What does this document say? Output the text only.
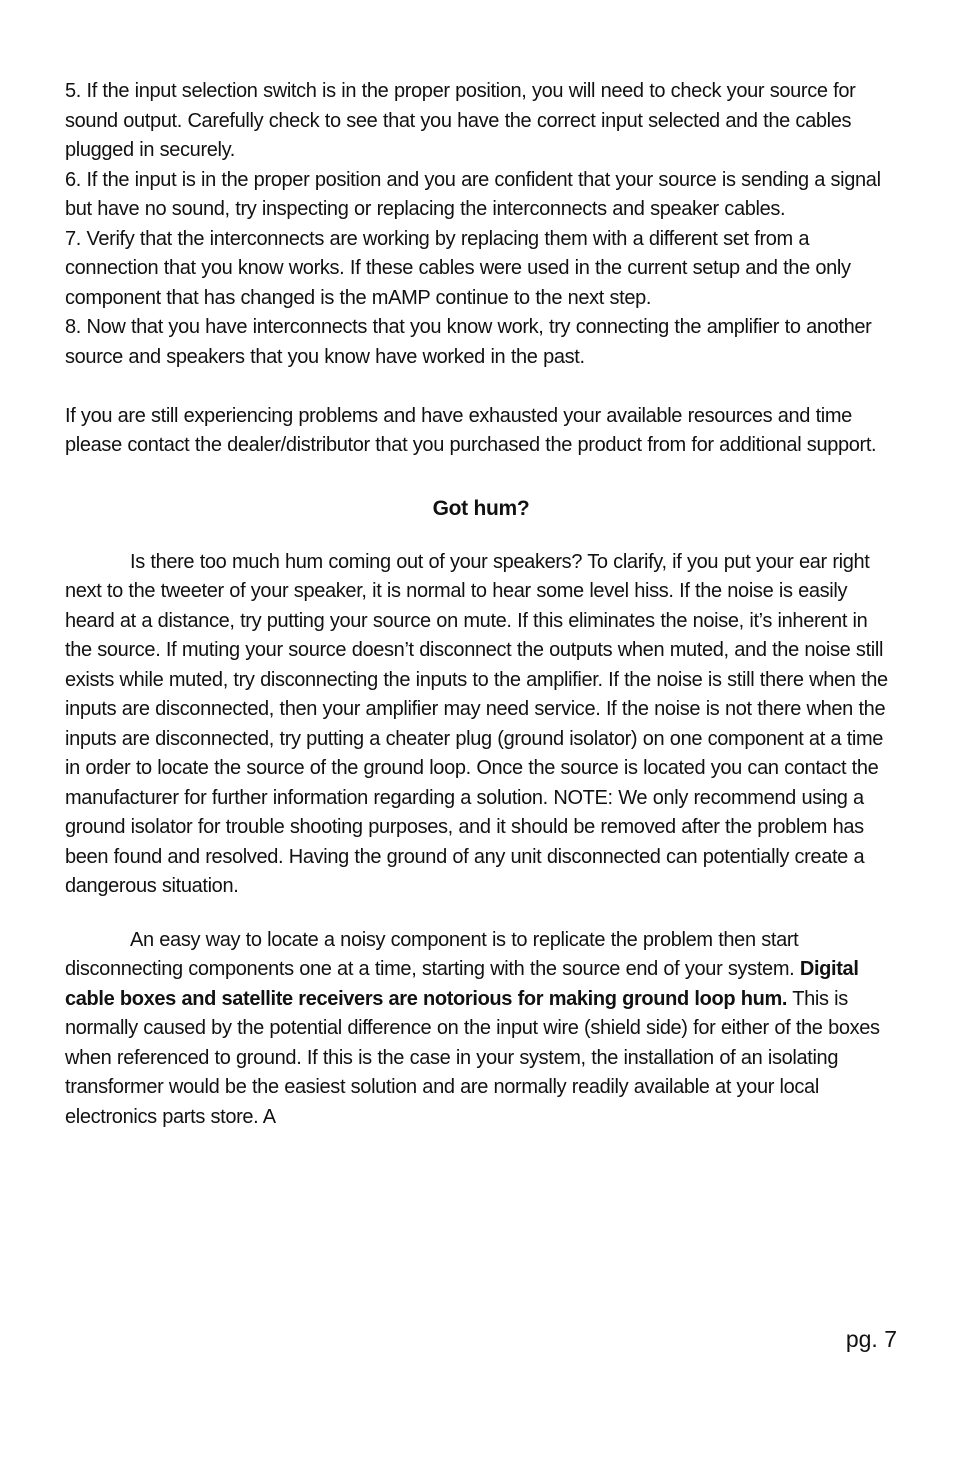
5. If the input selection switch is in the proper position, you will need to check your source for sound output. Carefully check to see that you have the correct input selected and the cables plugged in securely.

6. If the input is in the proper position and you are confident that your source is sending a signal but have no sound, try inspecting or replacing the interconnects and speaker cables.

7. Verify that the interconnects are working by replacing them with a different set from a connection that you know works. If these cables were used in the current setup and the only component that has changed is the mAMP continue to the next step.

8. Now that you have interconnects that you know work, try connecting the amplifier to another source and speakers that you know have worked in the past.

If you are still experiencing problems and have exhausted your available resources and time please contact the dealer/distributor that you purchased the product from for additional support.

Got hum?

Is there too much hum coming out of your speakers? To clarify, if you put your ear right next to the tweeter of your speaker, it is normal to hear some level hiss. If the noise is easily heard at a distance, try putting your source on mute. If this eliminates the noise, it’s inherent in the source. If muting your source doesn’t disconnect the outputs when muted, and the noise still exists while muted, try disconnecting the inputs to the amplifier. If the noise is still there when the inputs are disconnected, then your amplifier may need service. If the noise is not there when the inputs are disconnected, try putting a cheater plug (ground isolator) on one component at a time in order to locate the source of the ground loop. Once the source is located you can contact the manufacturer for further information regarding a solution. NOTE: We only recommend using a ground isolator for trouble shooting purposes, and it should be removed after the problem has been found and resolved. Having the ground of any unit disconnected can potentially create a dangerous situation.

An easy way to locate a noisy component is to replicate the problem then start disconnecting components one at a time, starting with the source end of your system. Digital cable boxes and satellite receivers are notorious for making ground loop hum. This is normally caused by the potential difference on the input wire (shield side) for either of the boxes when referenced to ground. If this is the case in your system, the installation of an isolating transformer would be the easiest solution and are normally readily available at your local electronics parts store. A

pg. 7
